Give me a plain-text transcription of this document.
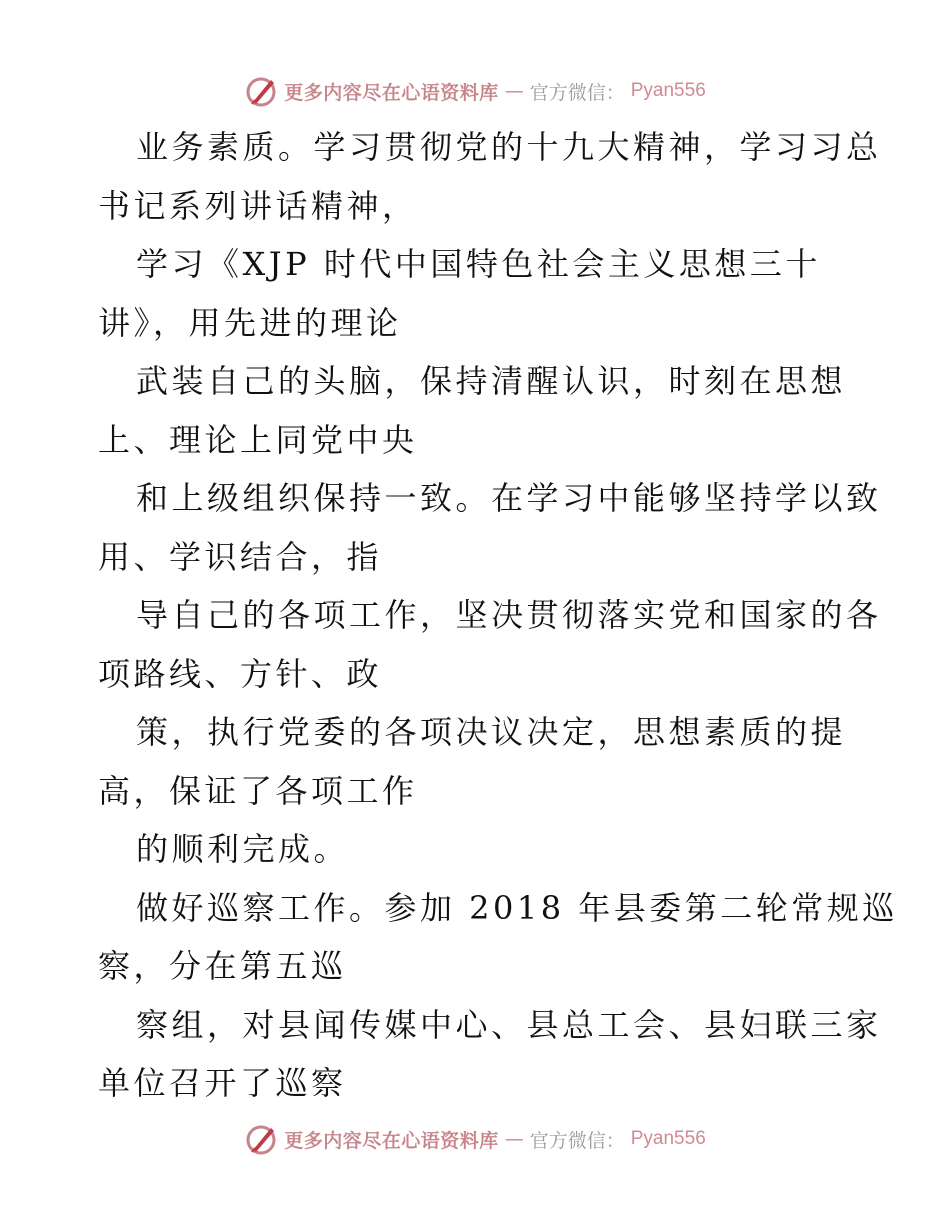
更多内容尽在心语资料库 — 官方微信： Pyan556

业务素质。学习贯彻党的十九大精神，学习习总

书记系列讲话精神，

学习《XJP 时代中国特色社会主义思想三十

讲》，用先进的理论

武装自己的头脑，保持清醒认识，时刻在思想

上、理论上同党中央

和上级组织保持一致。在学习中能够坚持学以致

用、学识结合，指

导自己的各项工作，坚决贯彻落实党和国家的各

项路线、方针、政

策，执行党委的各项决议决定，思想素质的提

高，保证了各项工作

的顺利完成。

做好巡察工作。参加 2018 年县委第二轮常规巡

察，分在第五巡

察组，对县闻传媒中心、县总工会、县妇联三家

单位召开了巡察

更多内容尽在心语资料库 — 官方微信： Pyan556
